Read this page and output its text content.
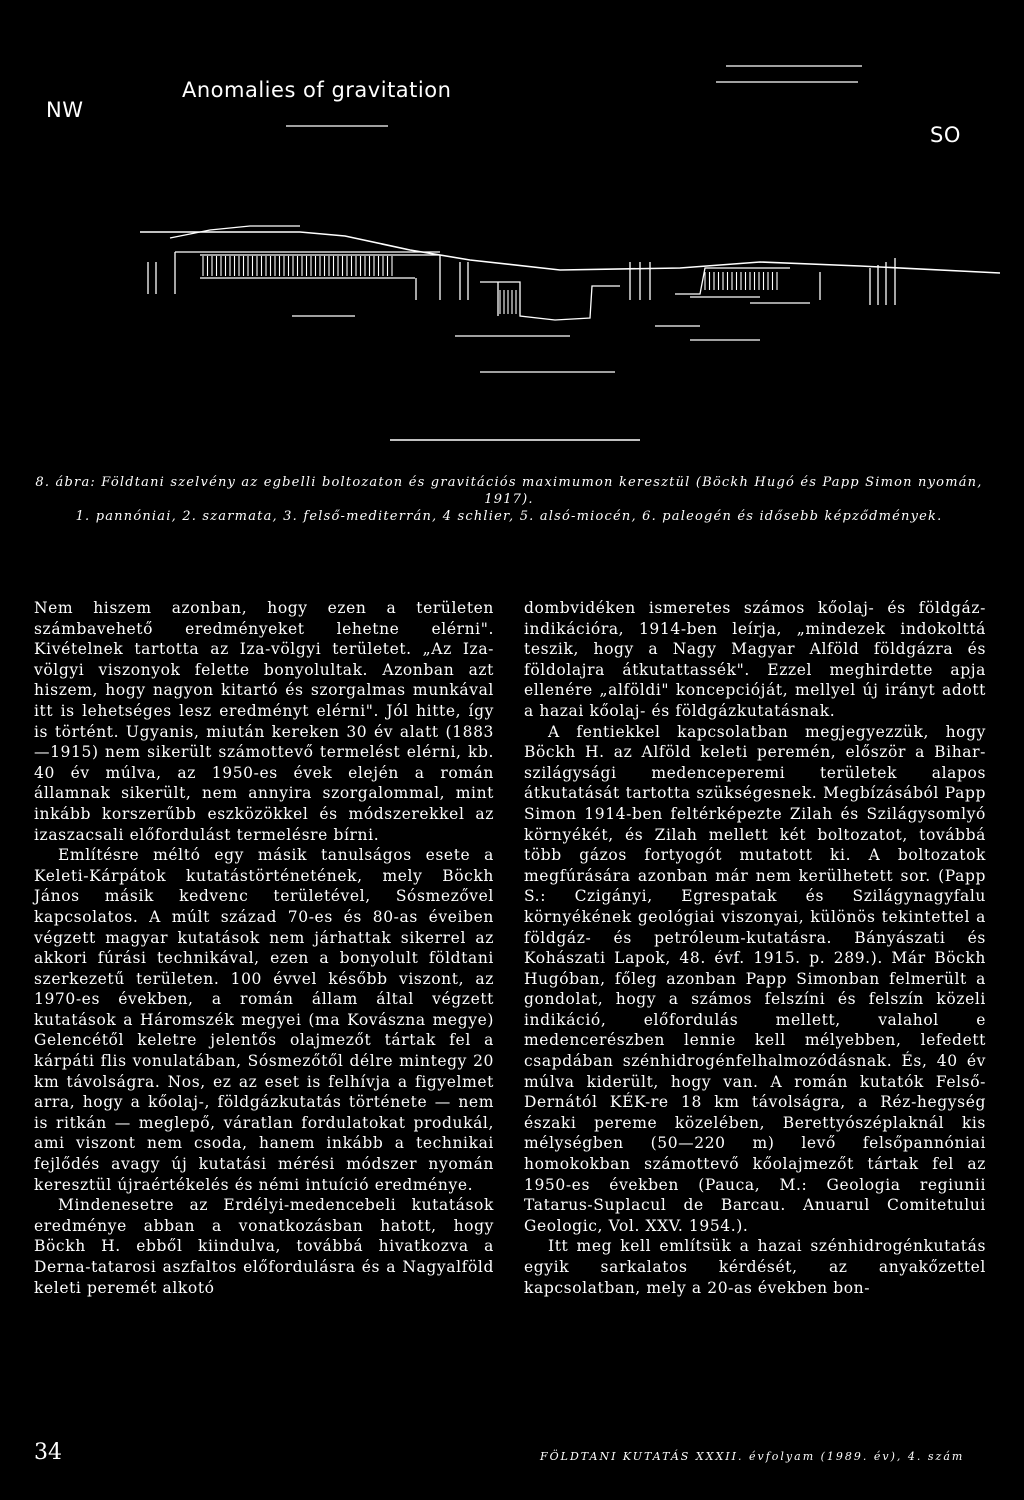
Anomalies of gravitation
NW
SO

8. ábra: Földtani szelvény az egbelli boltozaton és gravitációs maximumon keresztül (Böckh Hugó és Papp Simon nyomán, 1917).

1. pannóniai, 2. szarmata, 3. felső-mediterrán, 4 schlier, 5. alsó-miocén, 6. paleogén és idősebb képződmények.

Nem hiszem azonban, hogy ezen a területen számbavehető eredményeket lehetne elérni". Kivételnek tartotta az Iza-völgyi területet. „Az Iza-völgyi viszonyok felette bonyolultak. Azonban azt hiszem, hogy nagyon kitartó és szorgalmas munkával itt is lehetséges lesz eredményt elérni". Jól hitte, így is történt. Ugyanis, miután kereken 30 év alatt (1883—1915) nem sikerült számottevő termelést elérni, kb. 40 év múlva, az 1950-es évek elején a román államnak sikerült, nem annyira szorgalommal, mint inkább korszerűbb eszközökkel és módszerekkel az izaszacsali előfordulást termelésre bírni.

Említésre méltó egy másik tanulságos esete a Keleti-Kárpátok kutatástörténetének, mely Böckh János másik kedvenc területével, Sósmezővel kapcsolatos. A múlt század 70-es és 80-as éveiben végzett magyar kutatások nem járhattak sikerrel az akkori fúrási technikával, ezen a bonyolult földtani szerkezetű területen. 100 évvel később viszont, az 1970-es években, a román állam által végzett kutatások a Háromszék megyei (ma Kovászna megye) Gelencétől keletre jelentős olajmezőt tártak fel a kárpáti flis vonulatában, Sósmezőtől délre mintegy 20 km távolságra. Nos, ez az eset is felhívja a figyelmet arra, hogy a kőolaj-, földgázkutatás története — nem is ritkán — meglepő, váratlan fordulatokat produkál, ami viszont nem csoda, hanem inkább a technikai fejlődés avagy új kutatási mérési módszer nyomán keresztül újraértékelés és némi intuíció eredménye.

Mindenesetre az Erdélyi-medencebeli kutatások eredménye abban a vonatkozásban hatott, hogy Böckh H. ebből kiindulva, továbbá hivatkozva a Derna-tatarosi aszfaltos előfordulásra és a Nagyalföld keleti peremét alkotó

dombvidéken ismeretes számos kőolaj- és földgáz-indikációra, 1914-ben leírja, „mindezek indokolttá teszik, hogy a Nagy Magyar Alföld földgázra és földolajra átkutattassék". Ezzel meghirdette apja ellenére „alföldi" koncepcióját, mellyel új irányt adott a hazai kőolaj- és földgázkutatásnak.

A fentiekkel kapcsolatban megjegyezzük, hogy Böckh H. az Alföld keleti peremén, először a Bihar-szilágysági medenceperemi területek alapos átkutatását tartotta szükségesnek. Megbízásából Papp Simon 1914-ben feltérképezte Zilah és Szilágysomlyó környékét, és Zilah mellett két boltozatot, továbbá több gázos fortyogót mutatott ki. A boltozatok megfúrására azonban már nem kerülhetett sor. (Papp S.: Czigányi, Egrespatak és Szilágynagyfalu környékének geológiai viszonyai, különös tekintettel a földgáz- és petróleum-kutatásra. Bányászati és Kohászati Lapok, 48. évf. 1915. p. 289.). Már Böckh Hugóban, főleg azonban Papp Simonban felmerült a gondolat, hogy a számos felszíni és felszín közeli indikáció, előfordulás mellett, valahol e medencerészben lennie kell mélyebben, lefedett csapdában szénhidrogénfelhalmozódásnak. És, 40 év múlva kiderült, hogy van. A román kutatók Felső-Dernától KÉK-re 18 km távolságra, a Réz-hegység északi pereme közelében, Berettyószéplaknál kis mélységben (50—220 m) levő felsőpannóniai homokokban számottevő kőolajmezőt tártak fel az 1950-es években (Pauca, M.: Geologia regiunii Tatarus-Suplacul de Barcau. Anuarul Comitetului Geologic, Vol. XXV. 1954.).

Itt meg kell említsük a hazai szénhidrogénkutatás egyik sarkalatos kérdését, az anyakőzettel kapcsolatban, mely a 20-as években bon-

34	FÖLDTANI KUTATÁS XXXII. évfolyam (1989. év), 4. szám
